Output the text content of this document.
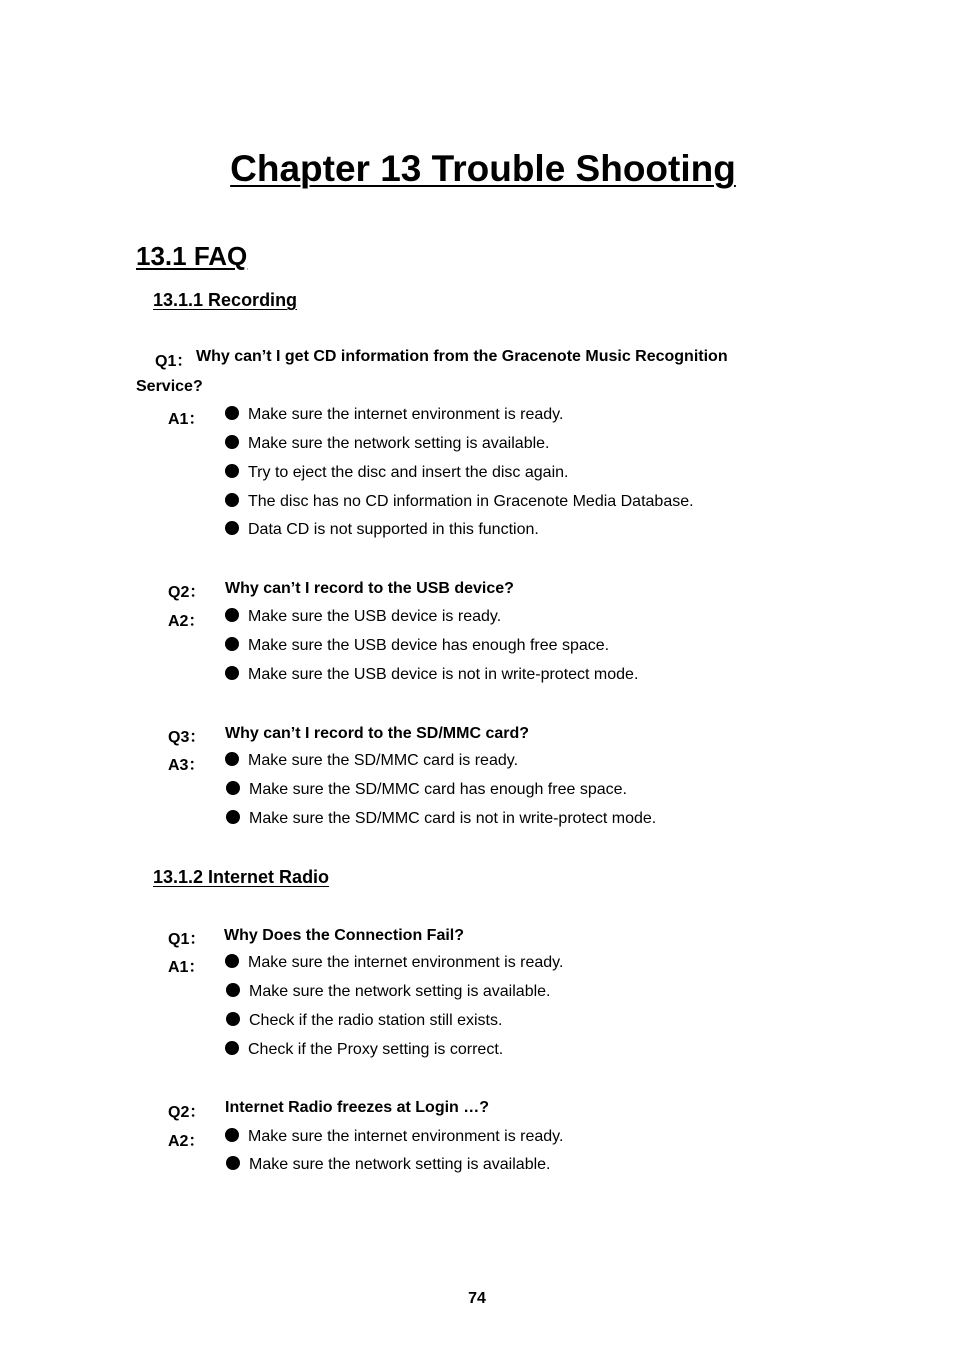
Chapter 13 Trouble Shooting
13.1 FAQ
13.1.1 Recording
Q1： Why can’t I get CD information from the Gracenote Music Recognition
Service?
A1：	Make sure the internet environment is ready.
Make sure the network setting is available.
Try to eject the disc and insert the disc again.
The disc has no CD information in Gracenote Media Database.
Data CD is not supported in this function.
Q2： Why can’t I record to the USB device?
A2：	Make sure the USB device is ready.
Make sure the USB device has enough free space.
Make sure the USB device is not in write-protect mode.
Q3： Why can’t I record to the SD/MMC card?
A3：	Make sure the SD/MMC card is ready.
Make sure the SD/MMC card has enough free space.
Make sure the SD/MMC card is not in write-protect mode.
13.1.2 Internet Radio
Q1： Why Does the Connection Fail?
A1：	Make sure the internet environment is ready.
Make sure the network setting is available.
Check if the radio station still exists.
Check if the Proxy setting is correct.
Q2： Internet Radio freezes at Login …?
A2：	Make sure the internet environment is ready.
Make sure the network setting is available.
74
